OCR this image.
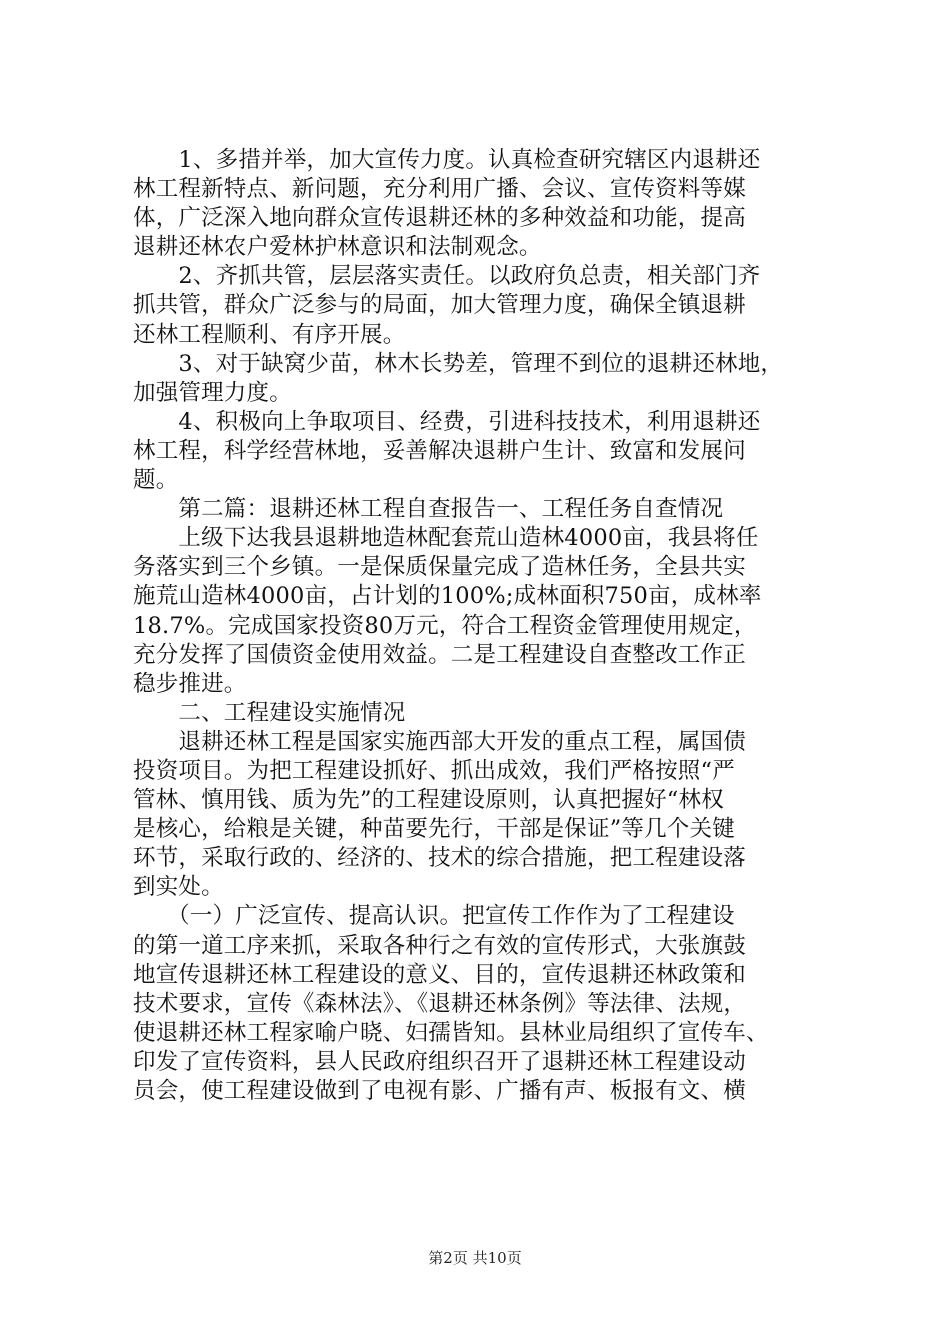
　　1、多措并举，加大宣传力度。认真检查研究辖区内退耕还
林工程新特点、新问题，充分利用广播、会议、宣传资料等媒
体，广泛深入地向群众宣传退耕还林的多种效益和功能，提高
退耕还林农户爱林护林意识和法制观念。
　　2、齐抓共管，层层落实责任。以政府负总责，相关部门齐
抓共管，群众广泛参与的局面，加大管理力度，确保全镇退耕
还林工程顺利、有序开展。
　　3、对于缺窝少苗，林木长势差，管理不到位的退耕还林地，
加强管理力度。
　　4、积极向上争取项目、经费，引进科技技术，利用退耕还
林工程，科学经营林地，妥善解决退耕户生计、致富和发展问
题。
　　第二篇：退耕还林工程自查报告一、工程任务自查情况
　　上级下达我县退耕地造林配套荒山造林4000亩，我县将任
务落实到三个乡镇。一是保质保量完成了造林任务，全县共实
施荒山造林4000亩，占计划的100%;成林面积750亩，成林率
18.7%。完成国家投资80万元，符合工程资金管理使用规定，
充分发挥了国债资金使用效益。二是工程建设自查整改工作正
稳步推进。
　　二、工程建设实施情况
　　退耕还林工程是国家实施西部大开发的重点工程，属国债
投资项目。为把工程建设抓好、抓出成效，我们严格按照“严
管林、慎用钱、质为先”的工程建设原则，认真把握好“林权
是核心，给粮是关键，种苗要先行，干部是保证”等几个关键
环节，采取行政的、经济的、技术的综合措施，把工程建设落
到实处。
　　（一）广泛宣传、提高认识。把宣传工作作为了工程建设
的第一道工序来抓，采取各种行之有效的宣传形式，大张旗鼓
地宣传退耕还林工程建设的意义、目的，宣传退耕还林政策和
技术要求，宣传《森林法》、《退耕还林条例》等法律、法规，
使退耕还林工程家喻户晓、妇孺皆知。县林业局组织了宣传车、
印发了宣传资料，县人民政府组织召开了退耕还林工程建设动
员会，使工程建设做到了电视有影、广播有声、板报有文、横
第2页 共10页
